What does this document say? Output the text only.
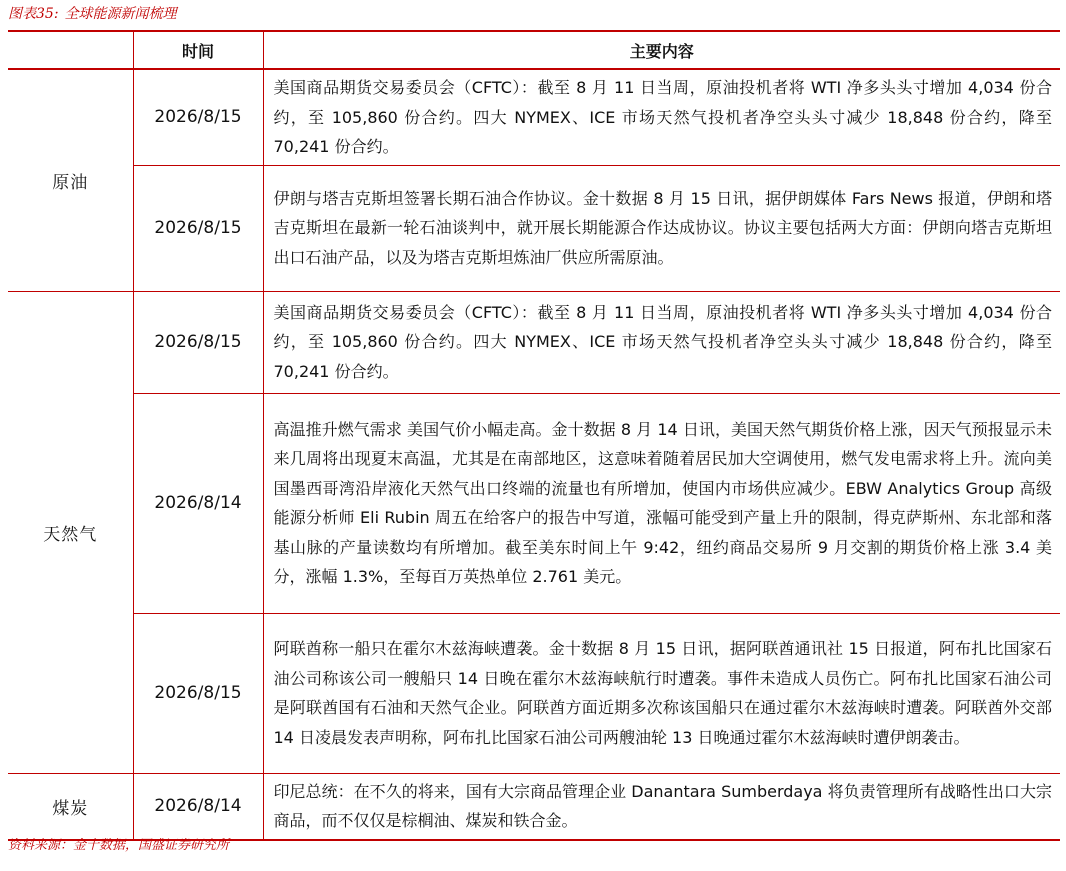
图表35: 全球能源新闻梳理
	时间	主要内容
原油	2026/8/15	美国商品期货交易委员会（CFTC）：截至 8 月 11 日当周，原油投机者将 WTI 净多头头寸增加 4,034 份合约，至 105,860 份合约。四大 NYMEX、ICE 市场天然气投机者净空头头寸减少 18,848 份合约，降至 70,241 份合约。
	2026/8/15	伊朗与塔吉克斯坦签署长期石油合作协议。金十数据 8 月 15 日讯，据伊朗媒体 Fars News 报道，伊朗和塔吉克斯坦在最新一轮石油谈判中，就开展长期能源合作达成协议。协议主要包括两大方面：伊朗向塔吉克斯坦出口石油产品，以及为塔吉克斯坦炼油厂供应所需原油。
天然气	2026/8/15	美国商品期货交易委员会（CFTC）：截至 8 月 11 日当周，原油投机者将 WTI 净多头头寸增加 4,034 份合约，至 105,860 份合约。四大 NYMEX、ICE 市场天然气投机者净空头头寸减少 18,848 份合约，降至 70,241 份合约。
	2026/8/14	高温推升燃气需求 美国气价小幅走高。金十数据 8 月 14 日讯，美国天然气期货价格上涨，因天气预报显示未来几周将出现夏末高温，尤其是在南部地区，这意味着随着居民加大空调使用，燃气发电需求将上升。流向美国墨西哥湾沿岸液化天然气出口终端的流量也有所增加，使国内市场供应减少。EBW Analytics Group 高级能源分析师 Eli Rubin 周五在给客户的报告中写道，涨幅可能受到产量上升的限制，得克萨斯州、东北部和落基山脉的产量读数均有所增加。截至美东时间上午 9:42，纽约商品交易所 9 月交割的期货价格上涨 3.4 美分，涨幅 1.3%，至每百万英热单位 2.761 美元。
	2026/8/15	阿联酋称一船只在霍尔木兹海峡遭袭。金十数据 8 月 15 日讯，据阿联酋通讯社 15 日报道，阿布扎比国家石油公司称该公司一艘船只 14 日晚在霍尔木兹海峡航行时遭袭。事件未造成人员伤亡。阿布扎比国家石油公司是阿联酋国有石油和天然气企业。阿联酋方面近期多次称该国船只在通过霍尔木兹海峡时遭袭。阿联酋外交部 14 日凌晨发表声明称，阿布扎比国家石油公司两艘油轮 13 日晚通过霍尔木兹海峡时遭伊朗袭击。
煤炭	2026/8/14	印尼总统：在不久的将来，国有大宗商品管理企业 Danantara Sumberdaya 将负责管理所有战略性出口大宗商品，而不仅仅是棕榈油、煤炭和铁合金。
资料来源：金十数据，国盛证券研究所
